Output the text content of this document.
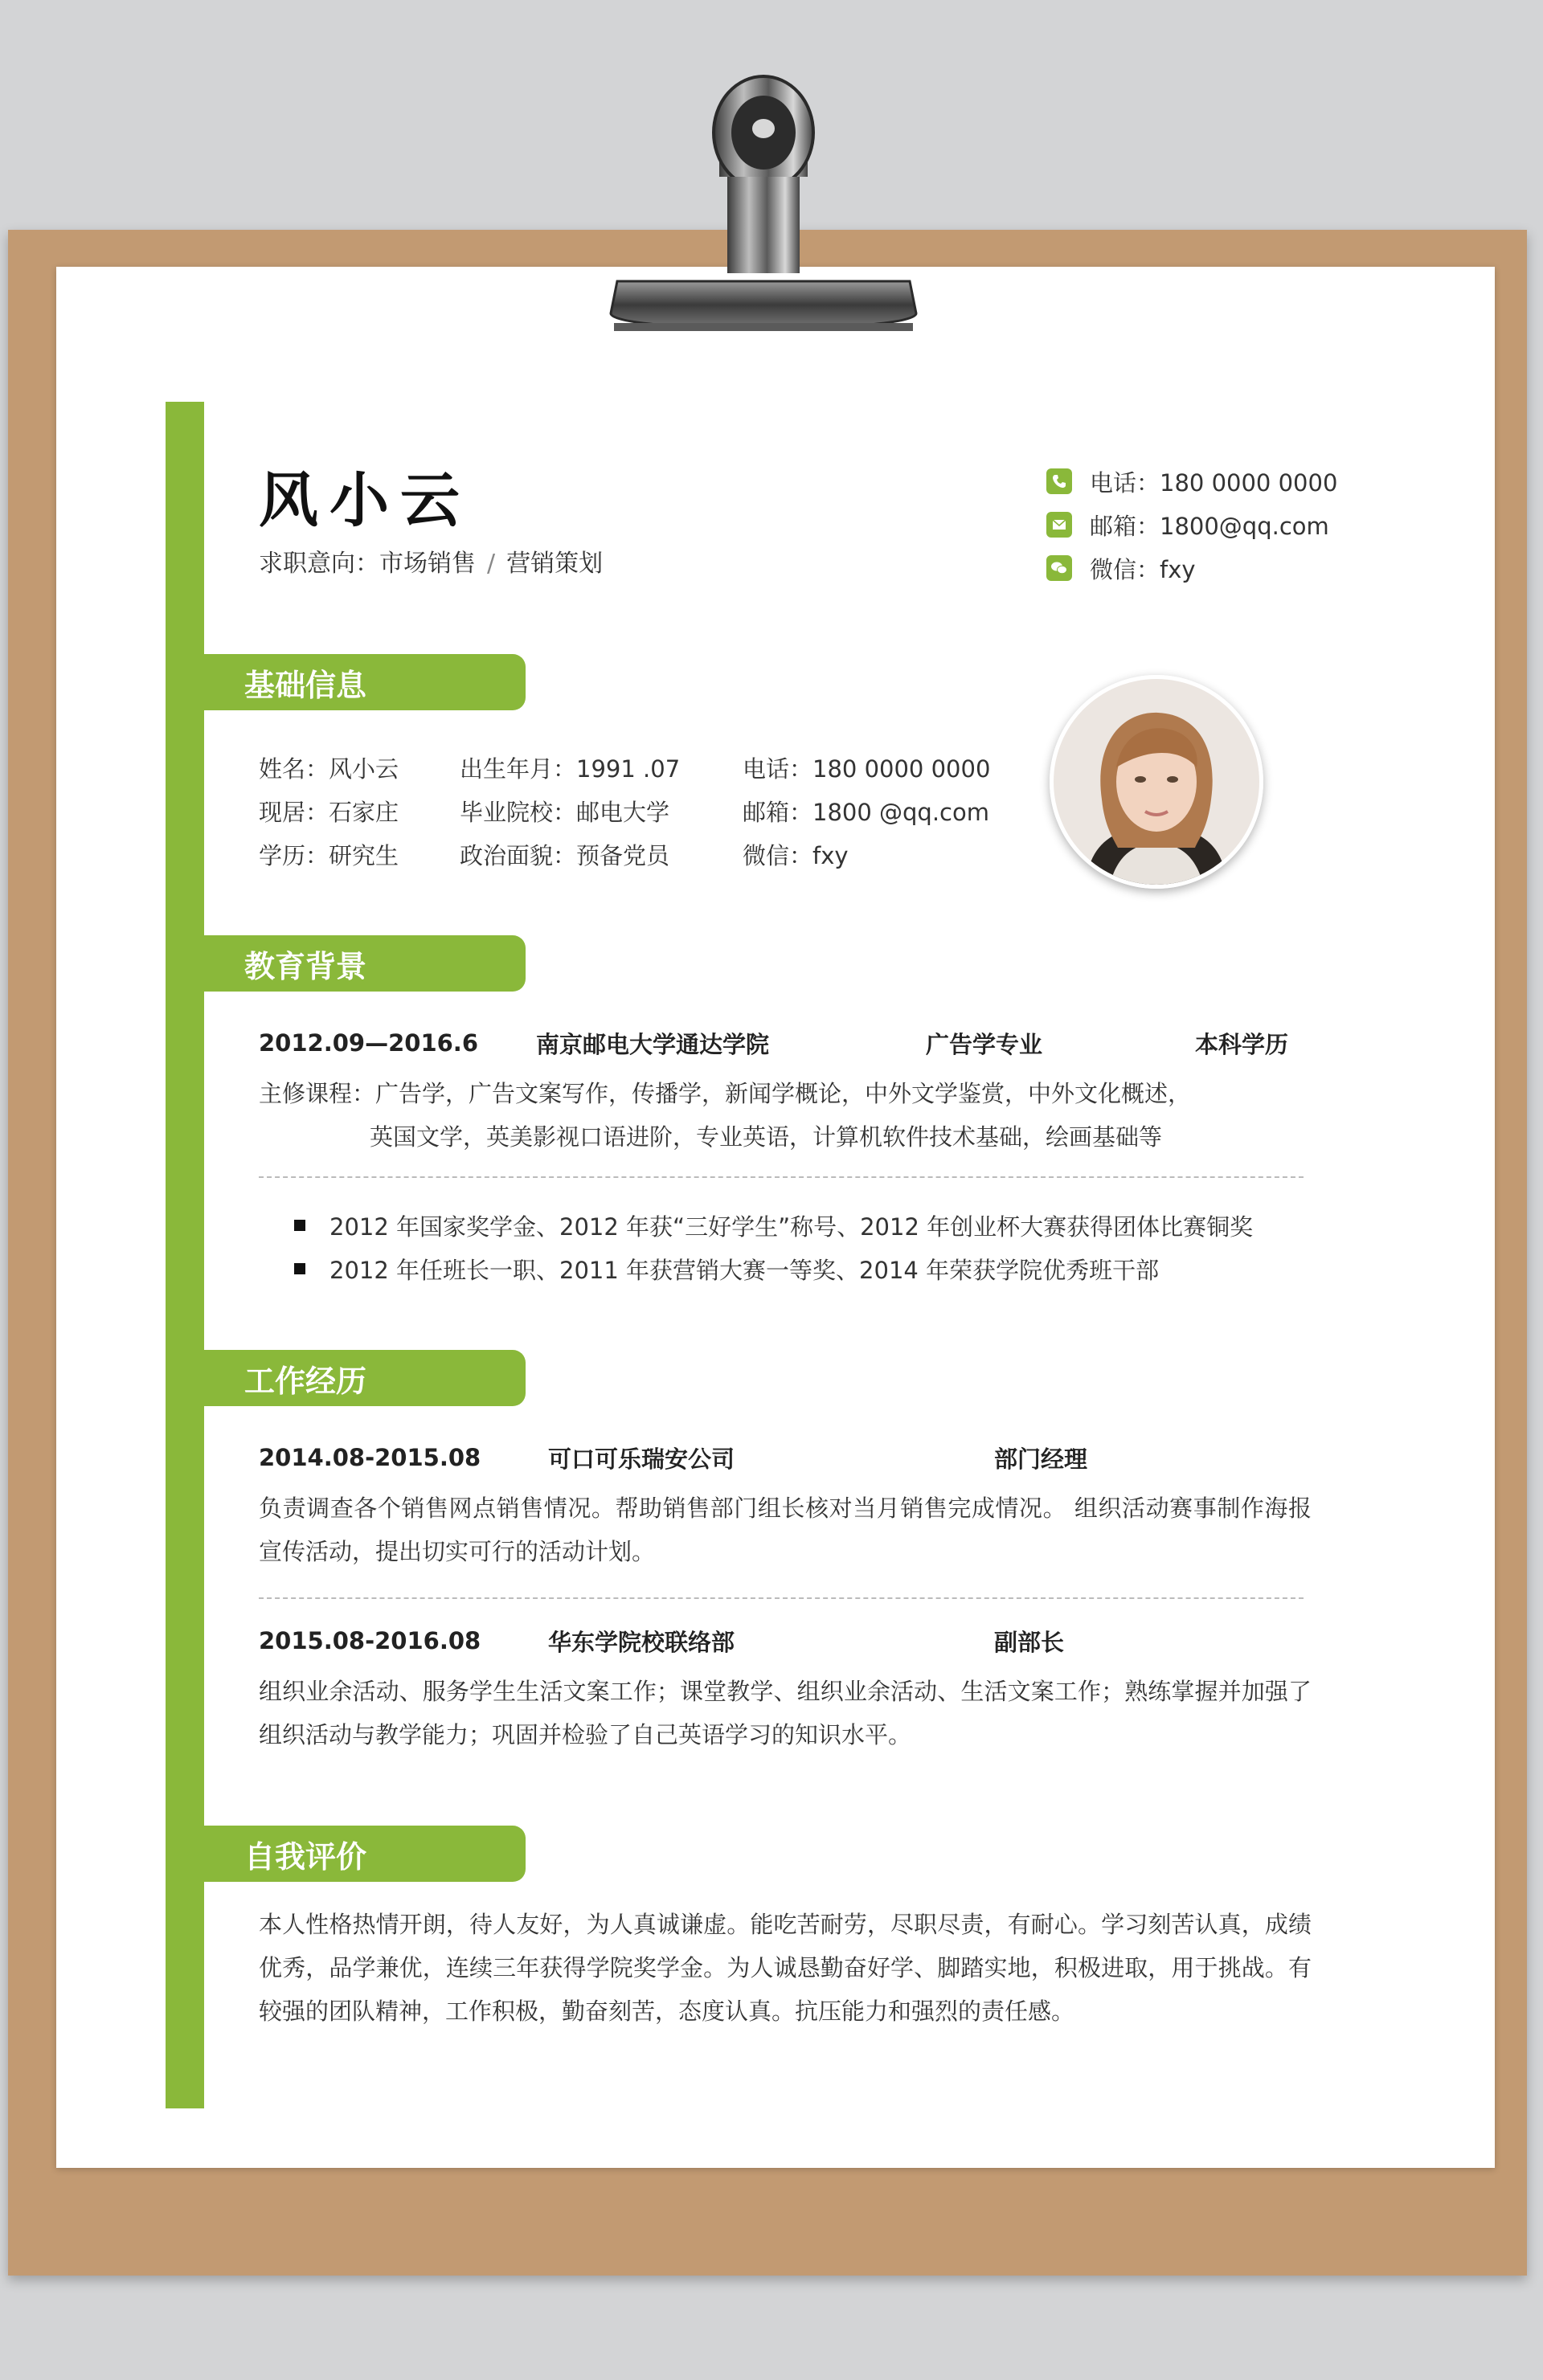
风小云
求职意向：市场销售 / 营销策划
电话：180 0000 0000
邮箱：1800@qq.com
微信：fxy
基础信息
姓名：风小云	出生年月：1991 .07	电话：180 0000 0000
现居：石家庄	毕业院校：邮电大学	邮箱：1800 @qq.com
学历：研究生	政治面貌：预备党员	微信：fxy
教育背景
2012.09—2016.6	南京邮电大学通达学院	广告学专业	本科学历
主修课程：广告学，广告文案写作，传播学，新闻学概论，中外文学鉴赏，中外文化概述，
英国文学，英美影视口语进阶，专业英语，计算机软件技术基础，绘画基础等
2012 年国家奖学金、2012 年获“三好学生”称号、2012 年创业杯大赛获得团体比赛铜奖
2012 年任班长一职、2011 年获营销大赛一等奖、2014 年荣获学院优秀班干部
工作经历
2014.08-2015.08	可口可乐瑞安公司	部门经理
负责调查各个销售网点销售情况。帮助销售部门组长核对当月销售完成情况。 组织活动赛事制作海报宣传活动，提出切实可行的活动计划。
2015.08-2016.08	华东学院校联络部	副部长
组织业余活动、服务学生生活文案工作；课堂教学、组织业余活动、生活文案工作；熟练掌握并加强了组织活动与教学能力；巩固并检验了自己英语学习的知识水平。
自我评价
本人性格热情开朗，待人友好，为人真诚谦虚。能吃苦耐劳，尽职尽责，有耐心。学习刻苦认真，成绩优秀，品学兼优，连续三年获得学院奖学金。为人诚恳勤奋好学、脚踏实地，积极进取，用于挑战。有较强的团队精神，工作积极，勤奋刻苦，态度认真。抗压能力和强烈的责任感。
